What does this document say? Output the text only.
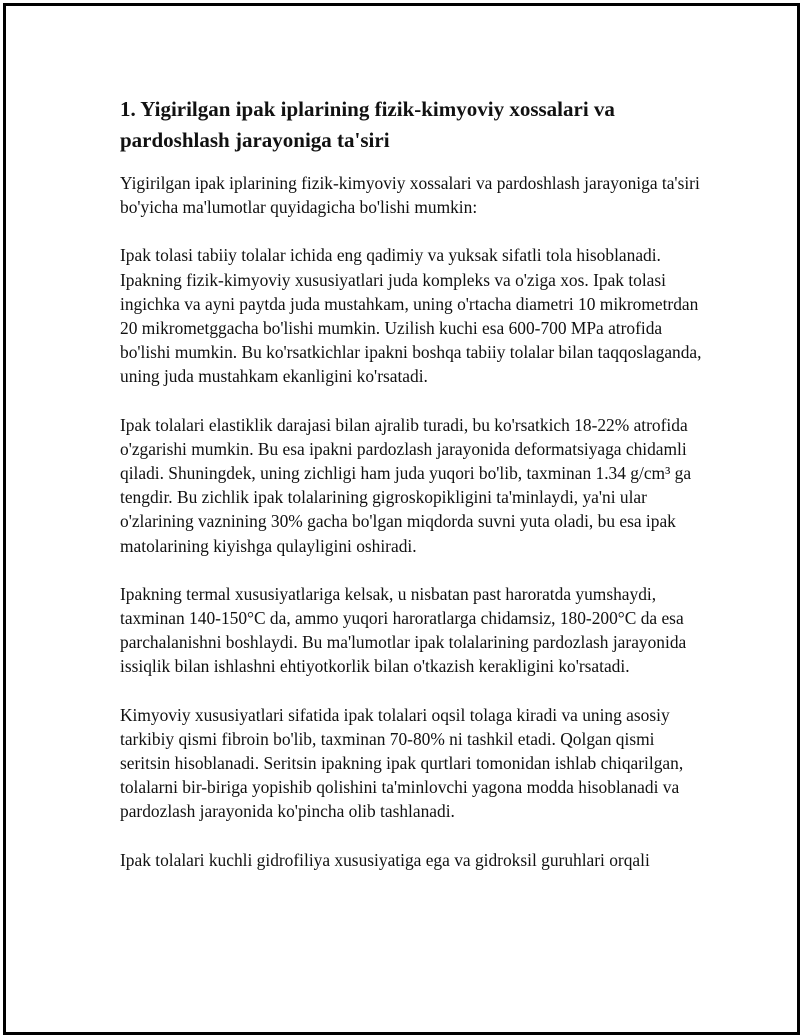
1. Yigirilgan ipak iplarining fizik-kimyoviy xossalari va pardoshlash jarayoniga ta'siri

Yigirilgan ipak iplarining fizik-kimyoviy xossalari va pardoshlash jarayoniga ta'siri bo'yicha ma'lumotlar quyidagicha bo'lishi mumkin:

Ipak tolasi tabiiy tolalar ichida eng qadimiy va yuksak sifatli tola hisoblanadi. Ipakning fizik-kimyoviy xususiyatlari juda kompleks va o'ziga xos. Ipak tolasi ingichka va ayni paytda juda mustahkam, uning o'rtacha diametri 10 mikrometrdan 20 mikrometggacha bo'lishi mumkin. Uzilish kuchi esa 600-700 MPa atrofida bo'lishi mumkin. Bu ko'rsatkichlar ipakni boshqa tabiiy tolalar bilan taqqoslaganda, uning juda mustahkam ekanligini ko'rsatadi.

Ipak tolalari elastiklik darajasi bilan ajralib turadi, bu ko'rsatkich 18-22% atrofida o'zgarishi mumkin. Bu esa ipakni pardozlash jarayonida deformatsiyaga chidamli qiladi. Shuningdek, uning zichligi ham juda yuqori bo'lib, taxminan 1.34 g/cm³ ga tengdir. Bu zichlik ipak tolalarining gigroskopikligini ta'minlaydi, ya'ni ular o'zlarining vaznining 30% gacha bo'lgan miqdorda suvni yuta oladi, bu esa ipak matolarining kiyishga qulayligini oshiradi.

Ipakning termal xususiyatlariga kelsak, u nisbatan past haroratda yumshaydi, taxminan 140-150°C da, ammo yuqori haroratlarga chidamsiz, 180-200°C da esa parchalanishni boshlaydi. Bu ma'lumotlar ipak tolalarining pardozlash jarayonida issiqlik bilan ishlashni ehtiyotkorlik bilan o'tkazish kerakligini ko'rsatadi.

Kimyoviy xususiyatlari sifatida ipak tolalari oqsil tolaga kiradi va uning asosiy tarkibiy qismi fibroin bo'lib, taxminan 70-80% ni tashkil etadi. Qolgan qismi seritsin hisoblanadi. Seritsin ipakning ipak qurtlari tomonidan ishlab chiqarilgan, tolalarni bir-biriga yopishib qolishini ta'minlovchi yagona modda hisoblanadi va pardozlash jarayonida ko'pincha olib tashlanadi.

Ipak tolalari kuchli gidrofiliya xususiyatiga ega va gidroksil guruhlari orqali
